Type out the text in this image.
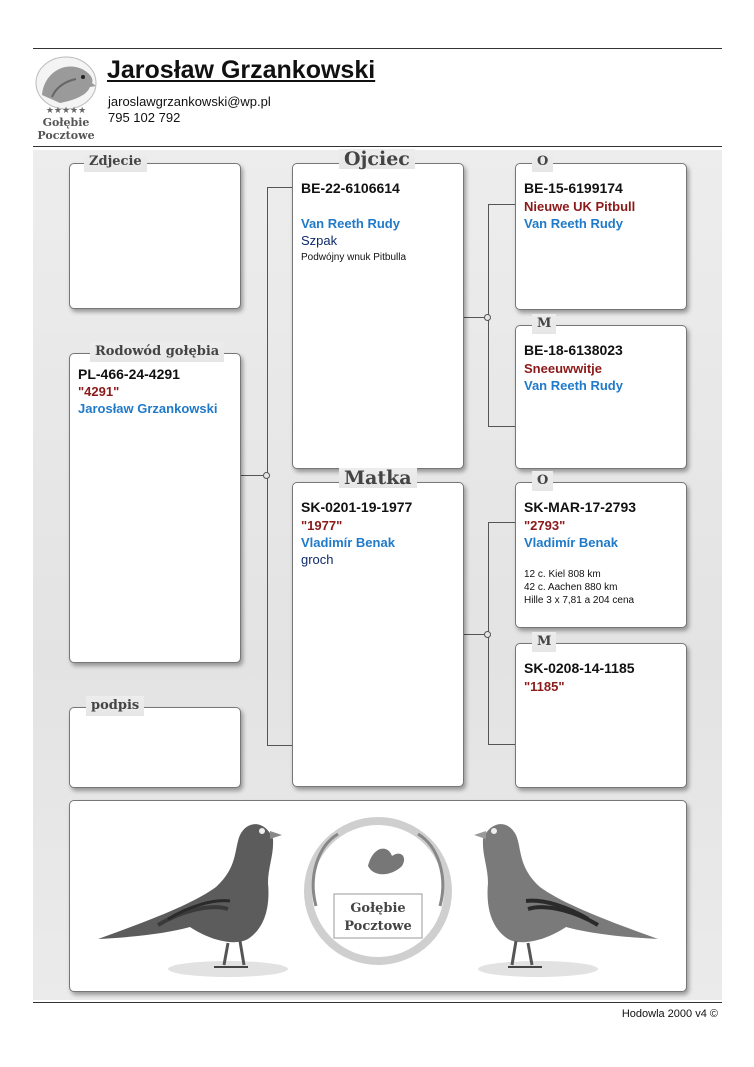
★★★★★
Gołębie
Pocztowe
Jarosław Grzankowski
jaroslawgrzankowski@wp.pl
795 102 792
Zdjecie
Rodowód gołębia
PL-466-24-4291
"4291"
Jarosław Grzankowski
podpis
Ojciec
BE-22-6106614
Van Reeth Rudy
Szpak
Podwójny wnuk Pitbulla
Matka
SK-0201-19-1977
"1977"
Vladimír Benak
groch
O
BE-15-6199174
Nieuwe UK Pitbull
Van Reeth Rudy
M
BE-18-6138023
Sneeuwwitje
Van Reeth Rudy
O
SK-MAR-17-2793
"2793"
Vladimír Benak
12 c. Kiel 808 km
42 c. Aachen 880 km
Hille 3 x 7,81 a 204 cena
M
SK-0208-14-1185
"1185"
Gołębie
Pocztowe
Hodowla 2000 v4 ©
